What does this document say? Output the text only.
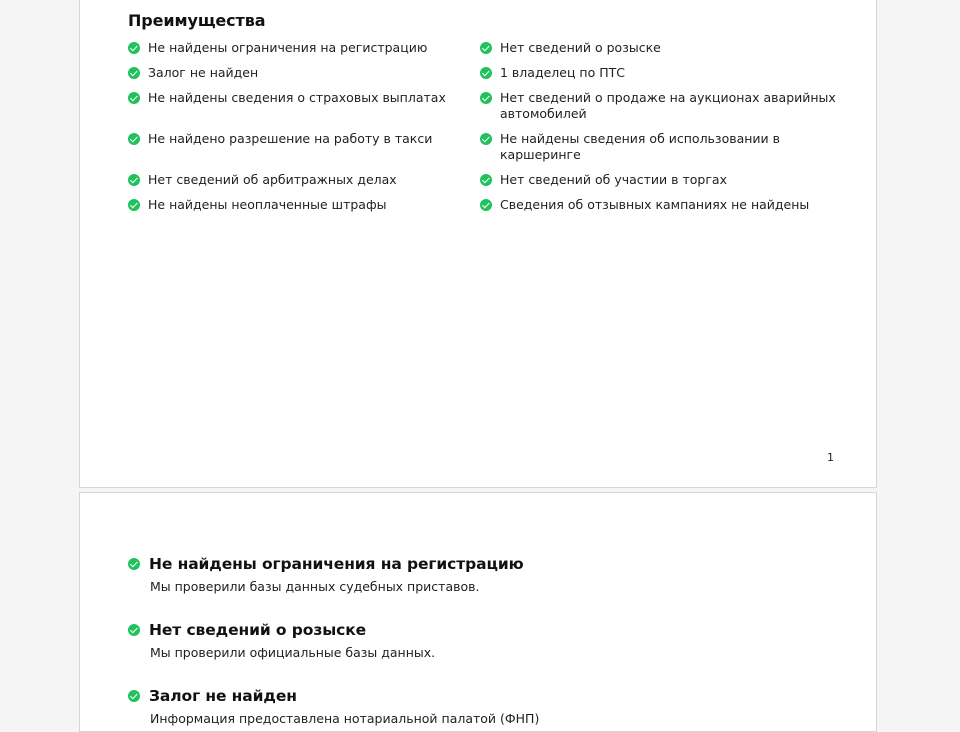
Преимущества
Не найдены ограничения на регистрацию	Нет сведений о розыске
Залог не найден	1 владелец по ПТС
Не найдены сведения о страховых выплатах	Нет сведений о продаже на аукционах аварийных автомобилей
Не найдено разрешение на работу в такси	Не найдены сведения об использовании в каршеринге
Нет сведений об арбитражных делах	Нет сведений об участии в торгах
Не найдены неоплаченные штрафы	Сведения об отзывных кампаниях не найдены
1
Не найдены ограничения на регистрацию
Мы проверили базы данных судебных приставов.
Нет сведений о розыске
Мы проверили официальные базы данных.
Залог не найден
Информация предоставлена нотариальной палатой (ФНП)
